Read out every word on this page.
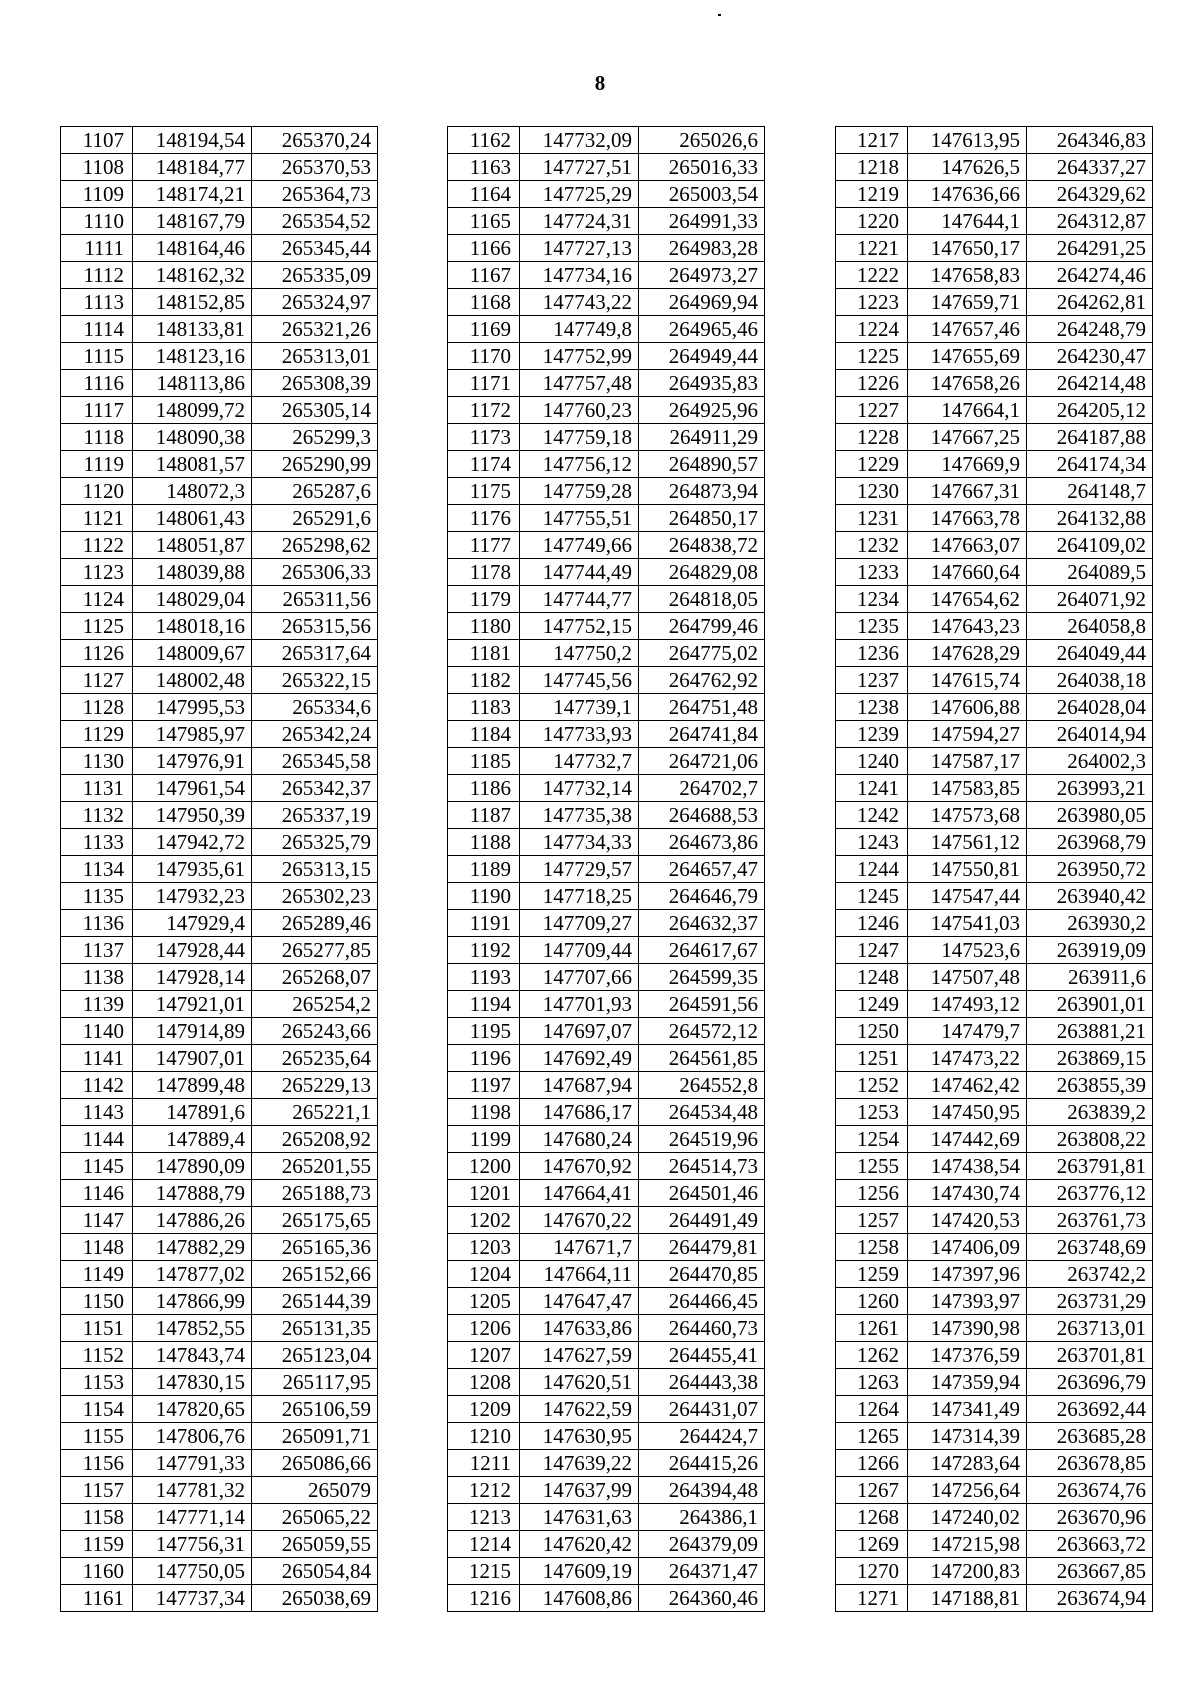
8
1107	148194,54	265370,24
1108	148184,77	265370,53
1109	148174,21	265364,73
1110	148167,79	265354,52
1111	148164,46	265345,44
1112	148162,32	265335,09
1113	148152,85	265324,97
1114	148133,81	265321,26
1115	148123,16	265313,01
1116	148113,86	265308,39
1117	148099,72	265305,14
1118	148090,38	265299,3
1119	148081,57	265290,99
1120	148072,3	265287,6
1121	148061,43	265291,6
1122	148051,87	265298,62
1123	148039,88	265306,33
1124	148029,04	265311,56
1125	148018,16	265315,56
1126	148009,67	265317,64
1127	148002,48	265322,15
1128	147995,53	265334,6
1129	147985,97	265342,24
1130	147976,91	265345,58
1131	147961,54	265342,37
1132	147950,39	265337,19
1133	147942,72	265325,79
1134	147935,61	265313,15
1135	147932,23	265302,23
1136	147929,4	265289,46
1137	147928,44	265277,85
1138	147928,14	265268,07
1139	147921,01	265254,2
1140	147914,89	265243,66
1141	147907,01	265235,64
1142	147899,48	265229,13
1143	147891,6	265221,1
1144	147889,4	265208,92
1145	147890,09	265201,55
1146	147888,79	265188,73
1147	147886,26	265175,65
1148	147882,29	265165,36
1149	147877,02	265152,66
1150	147866,99	265144,39
1151	147852,55	265131,35
1152	147843,74	265123,04
1153	147830,15	265117,95
1154	147820,65	265106,59
1155	147806,76	265091,71
1156	147791,33	265086,66
1157	147781,32	265079
1158	147771,14	265065,22
1159	147756,31	265059,55
1160	147750,05	265054,84
1161	147737,34	265038,69
1162	147732,09	265026,6
1163	147727,51	265016,33
1164	147725,29	265003,54
1165	147724,31	264991,33
1166	147727,13	264983,28
1167	147734,16	264973,27
1168	147743,22	264969,94
1169	147749,8	264965,46
1170	147752,99	264949,44
1171	147757,48	264935,83
1172	147760,23	264925,96
1173	147759,18	264911,29
1174	147756,12	264890,57
1175	147759,28	264873,94
1176	147755,51	264850,17
1177	147749,66	264838,72
1178	147744,49	264829,08
1179	147744,77	264818,05
1180	147752,15	264799,46
1181	147750,2	264775,02
1182	147745,56	264762,92
1183	147739,1	264751,48
1184	147733,93	264741,84
1185	147732,7	264721,06
1186	147732,14	264702,7
1187	147735,38	264688,53
1188	147734,33	264673,86
1189	147729,57	264657,47
1190	147718,25	264646,79
1191	147709,27	264632,37
1192	147709,44	264617,67
1193	147707,66	264599,35
1194	147701,93	264591,56
1195	147697,07	264572,12
1196	147692,49	264561,85
1197	147687,94	264552,8
1198	147686,17	264534,48
1199	147680,24	264519,96
1200	147670,92	264514,73
1201	147664,41	264501,46
1202	147670,22	264491,49
1203	147671,7	264479,81
1204	147664,11	264470,85
1205	147647,47	264466,45
1206	147633,86	264460,73
1207	147627,59	264455,41
1208	147620,51	264443,38
1209	147622,59	264431,07
1210	147630,95	264424,7
1211	147639,22	264415,26
1212	147637,99	264394,48
1213	147631,63	264386,1
1214	147620,42	264379,09
1215	147609,19	264371,47
1216	147608,86	264360,46
1217	147613,95	264346,83
1218	147626,5	264337,27
1219	147636,66	264329,62
1220	147644,1	264312,87
1221	147650,17	264291,25
1222	147658,83	264274,46
1223	147659,71	264262,81
1224	147657,46	264248,79
1225	147655,69	264230,47
1226	147658,26	264214,48
1227	147664,1	264205,12
1228	147667,25	264187,88
1229	147669,9	264174,34
1230	147667,31	264148,7
1231	147663,78	264132,88
1232	147663,07	264109,02
1233	147660,64	264089,5
1234	147654,62	264071,92
1235	147643,23	264058,8
1236	147628,29	264049,44
1237	147615,74	264038,18
1238	147606,88	264028,04
1239	147594,27	264014,94
1240	147587,17	264002,3
1241	147583,85	263993,21
1242	147573,68	263980,05
1243	147561,12	263968,79
1244	147550,81	263950,72
1245	147547,44	263940,42
1246	147541,03	263930,2
1247	147523,6	263919,09
1248	147507,48	263911,6
1249	147493,12	263901,01
1250	147479,7	263881,21
1251	147473,22	263869,15
1252	147462,42	263855,39
1253	147450,95	263839,2
1254	147442,69	263808,22
1255	147438,54	263791,81
1256	147430,74	263776,12
1257	147420,53	263761,73
1258	147406,09	263748,69
1259	147397,96	263742,2
1260	147393,97	263731,29
1261	147390,98	263713,01
1262	147376,59	263701,81
1263	147359,94	263696,79
1264	147341,49	263692,44
1265	147314,39	263685,28
1266	147283,64	263678,85
1267	147256,64	263674,76
1268	147240,02	263670,96
1269	147215,98	263663,72
1270	147200,83	263667,85
1271	147188,81	263674,94
